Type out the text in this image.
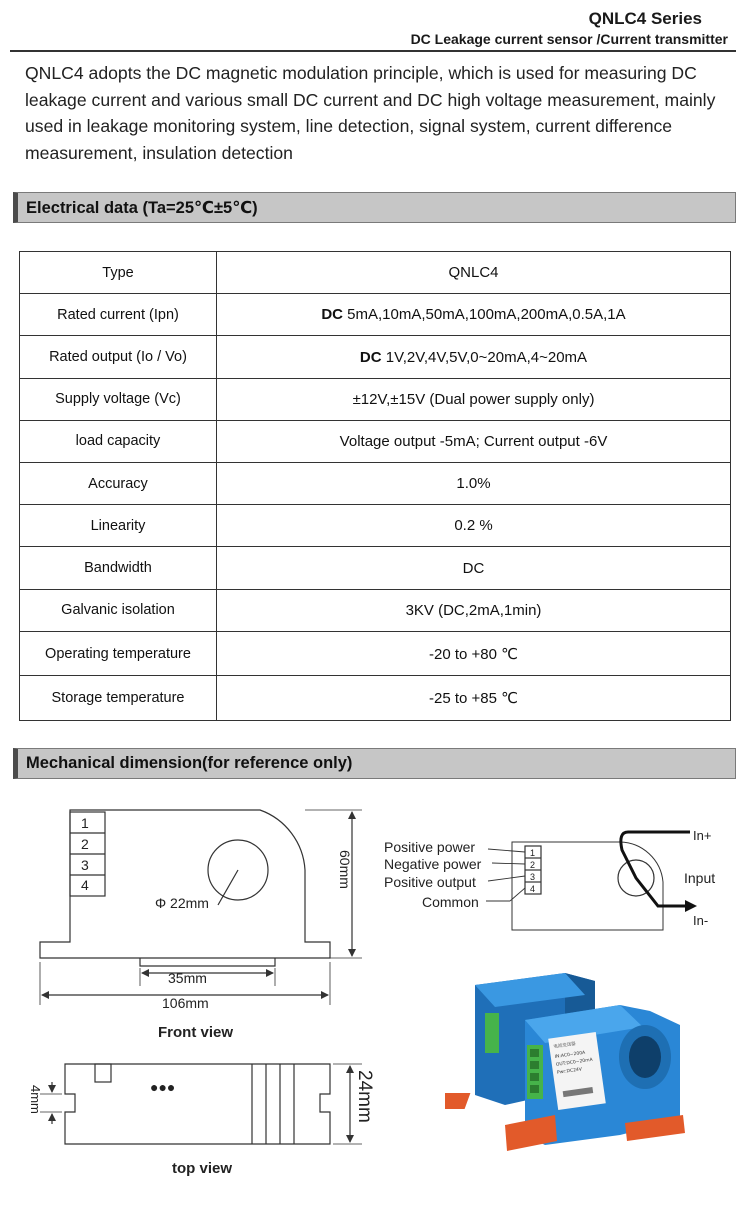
QNLC4 Series
DC Leakage current sensor /Current transmitter
QNLC4 adopts the DC magnetic modulation principle, which is used for measuring DC leakage current and various small DC current and DC high voltage measurement, mainly used in leakage monitoring system, line detection, signal system, current difference measurement, insulation detection
Electrical data (Ta=25℃±5℃)
Type	QNLC4
Rated current (Ipn)	DC 5mA,10mA,50mA,100mA,200mA,0.5A,1A
Rated output (Io / Vo)	DC 1V,2V,4V,5V,0~20mA,4~20mA
Supply voltage (Vc)	±12V,±15V (Dual power supply only)
load capacity	Voltage output -5mA; Current output -6V
Accuracy	1.0%
Linearity	0.2 %
Bandwidth	DC
Galvanic isolation	3KV (DC,2mA,1min)
Operating temperature	-20 to +80 ℃
Storage temperature	-25 to +85 ℃
Mechanical dimension(for reference only)
1
2
3
4
Φ 22mm
60mm
35mm
106mm
Front view
●●●
4mm	24mm
top view
Positive power
Negative power
Positive output
Common
1
2
3
4
In+
Input
In-
电流变送器
IN:AC0~200A
OUT:DC0~20mA
Pwr:DC24V
